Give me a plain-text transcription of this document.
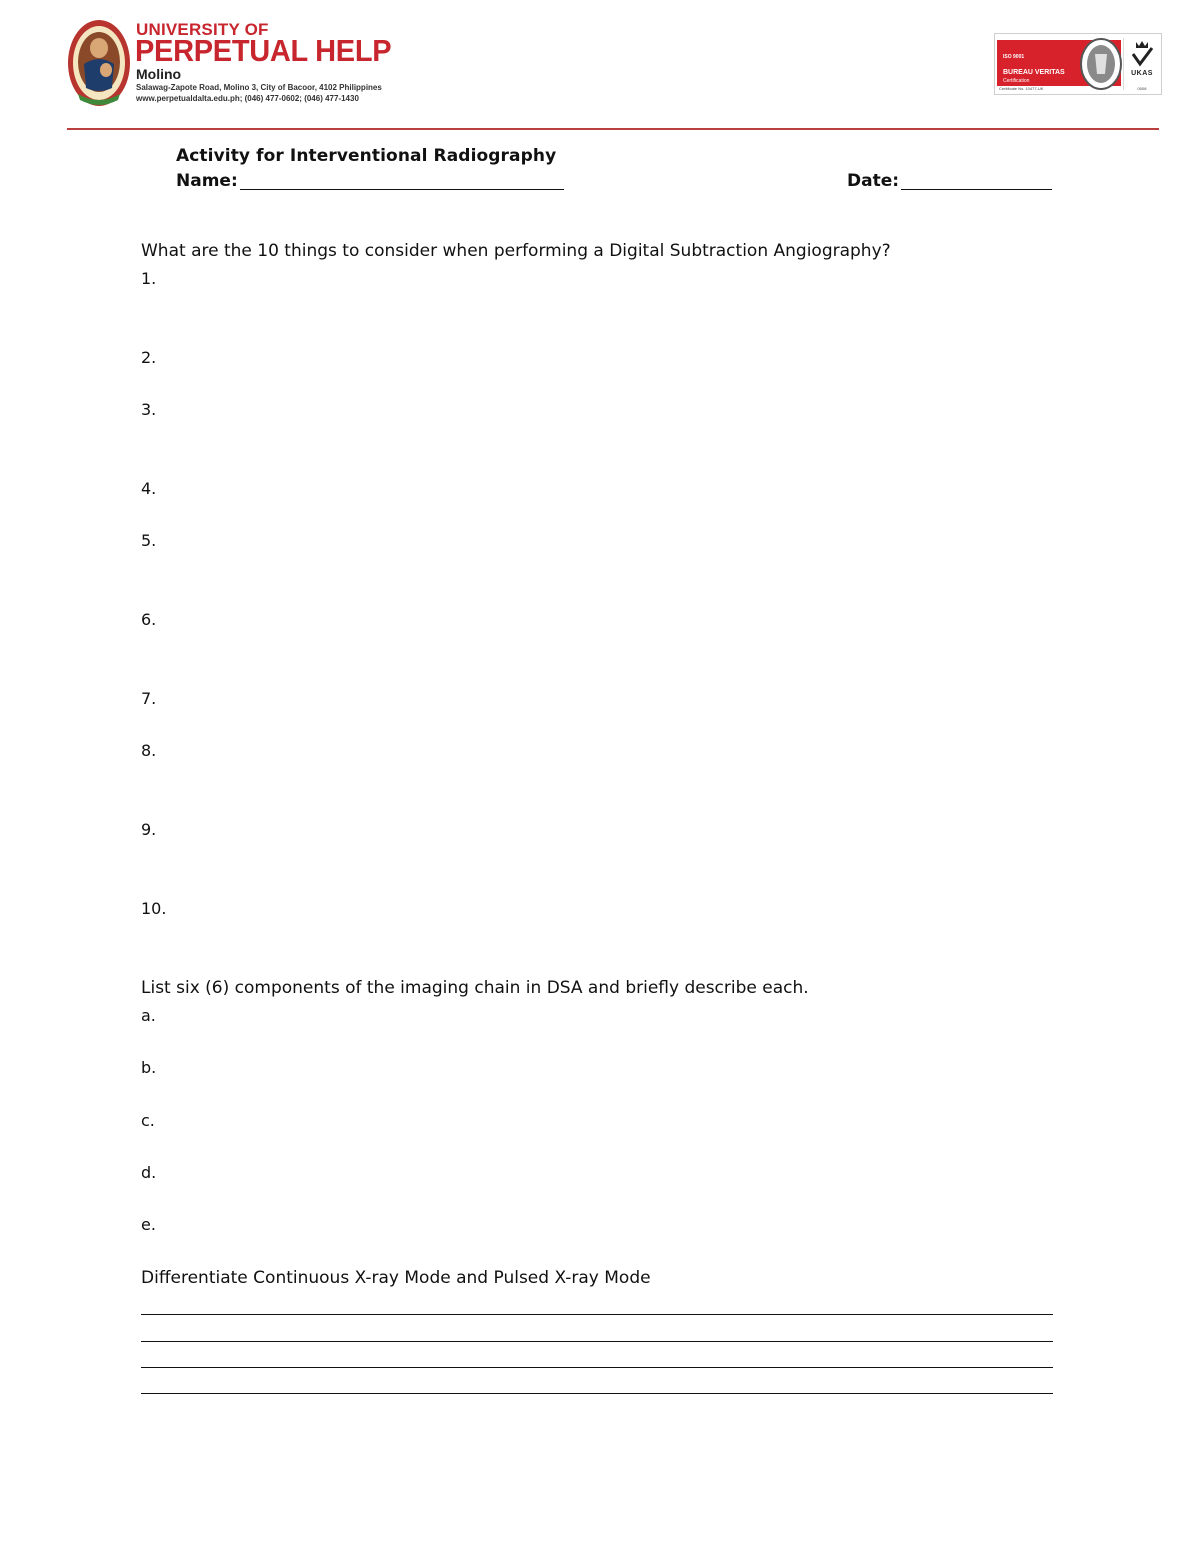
UNIVERSITY OF
PERPETUAL HELP
Molino
Salawag-Zapote Road, Molino 3, City of Bacoor, 4102 Philippines
www.perpetualdalta.edu.ph; (046) 477-0602; (046) 477-1430
ISO 9001
BUREAU VERITAS
Certification
Certificate No. 10477-UK
UKAS
0008
Activity for Interventional Radiography
Name:	Date:
What are the 10 things to consider when performing a Digital Subtraction Angiography?
1.
2.
3.
4.
5.
6.
7.
8.
9.
10.
List six (6) components of the imaging chain in DSA and briefly describe each.
a.
b.
c.
d.
e.
Differentiate Continuous X-ray Mode and Pulsed X-ray Mode
